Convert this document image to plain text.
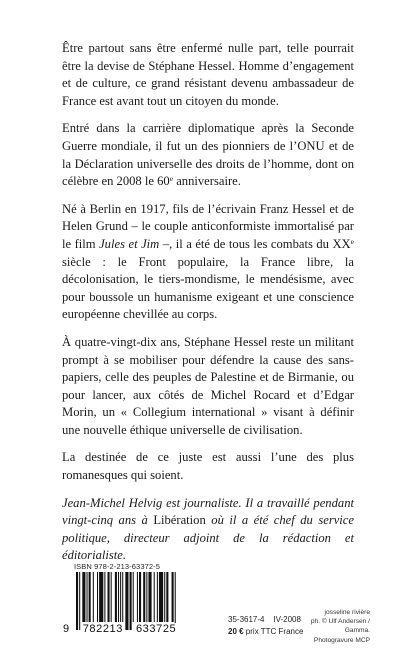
Être partout sans être enfermé nulle part, telle pourrait être la devise de Stéphane Hessel. Homme d’engagement et de culture, ce grand résistant devenu ambassadeur de France est avant tout un citoyen du monde.

Entré dans la carrière diplomatique après la Seconde Guerre mondiale, il fut un des pionniers de l’ONU et de la Déclaration universelle des droits de l’homme, dont on célèbre en 2008 le 60e anniversaire.

Né à Berlin en 1917, fils de l’écrivain Franz Hessel et de Helen Grund – le couple anticonformiste immortalisé par le film Jules et Jim –, il a été de tous les combats du XXe siècle : le Front populaire, la France libre, la décolonisation, le tiers-mondisme, le mendésisme, avec pour boussole un humanisme exigeant et une conscience européenne chevillée au corps.

À quatre-vingt-dix ans, Stéphane Hessel reste un militant prompt à se mobiliser pour défendre la cause des sans-papiers, celle des peuples de Palestine et de Birmanie, ou pour lancer, aux côtés de Michel Rocard et d’Edgar Morin, un « Collegium international » visant à définir une nouvelle éthique universelle de civilisation.

La destinée de ce juste est aussi l’une des plus romanesques qui soient.

Jean-Michel Helvig est journaliste. Il a travaillé pendant vingt-cinq ans à Libération où il a été chef du service politique, directeur adjoint de la rédaction et éditorialiste.

ISBN 978-2-213-63372-5
9 782213 633725
35-3617-4 IV-2008
20 € prix TTC France
josseline rivière
ph. © Ulf Andersen / Gamma.
Photogravure MCP
